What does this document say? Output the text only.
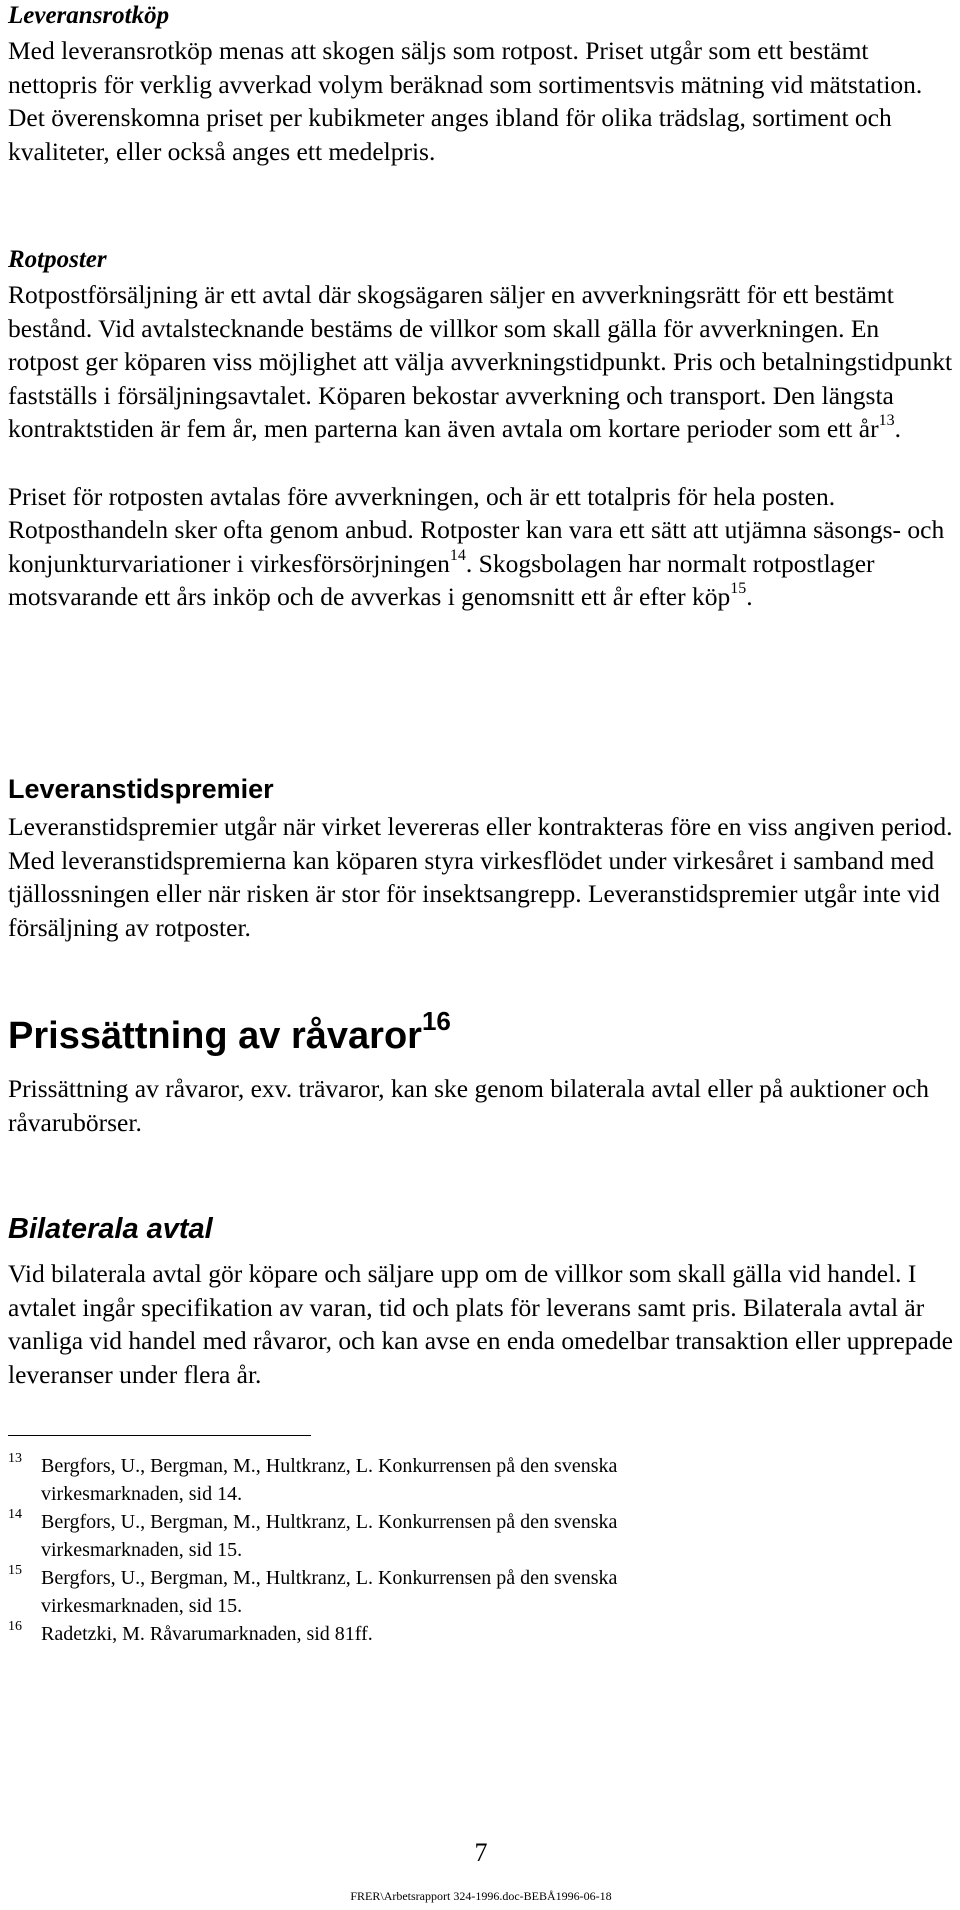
Leveransrotköp

Med leveransrotköp menas att skogen säljs som rotpost. Priset utgår som ett bestämt nettopris för verklig avverkad volym beräknad som sortimentsvis mätning vid mätstation. Det överenskomna priset per kubikmeter anges ibland för olika trädslag, sortiment och kvaliteter, eller också anges ett medelpris.

Rotposter

Rotpostförsäljning är ett avtal där skogsägaren säljer en avverkningsrätt för ett bestämt bestånd. Vid avtalstecknande bestäms de villkor som skall gälla för avverkningen. En rotpost ger köparen viss möjlighet att välja avverkningstidpunkt. Pris och betalningstidpunkt fastställs i försäljningsavtalet. Köparen bekostar avverkning och transport. Den längsta kontraktstiden är fem år, men parterna kan även avtala om kortare perioder som ett $år^{13}$.

Priset för rotposten avtalas före avverkningen, och är ett totalpris för hela posten. Rotposthandeln sker ofta genom anbud. Rotposter kan vara ett sätt att utjämna säsongs- och konjunkturvariationer i virkesförsörjningen$^{14}$. Skogsbolagen har normalt rotpostlager motsvarande ett års inköp och de avverkas i genomsnitt ett år efter köp$^{15}$.

Leveranstidspremier

Leveranstidspremier utgår när virket levereras eller kontrakteras före en viss angiven period. Med leveranstidspremierna kan köparen styra virkesflödet under virkesåret i samband med tjällossningen eller när risken är stor för insektsangrepp. Leveranstidspremier utgår inte vid försäljning av rotposter.

Prissättning av råvaror$^{16}$

Prissättning av råvaror, exv. trävaror, kan ske genom bilaterala avtal eller på auktioner och råvarubörser.

Bilaterala avtal

Vid bilaterala avtal gör köpare och säljare upp om de villkor som skall gälla vid handel. I avtalet ingår specifikation av varan, tid och plats för leverans samt pris. Bilaterala avtal är vanliga vid handel med råvaror, och kan avse en enda omedelbar transaktion eller upprepade leveranser under flera år.

13 Bergfors, U., Bergman, M., Hultkranz, L. Konkurrensen på den svenska
virkesmarknaden, sid 14.
14 Bergfors, U., Bergman, M., Hultkranz, L. Konkurrensen på den svenska
virkesmarknaden, sid 15.
15 Bergfors, U., Bergman, M., Hultkranz, L. Konkurrensen på den svenska
virkesmarknaden, sid 15.
16 Radetzki, M. Råvarumarknaden, sid 81ff.
7
FRER\Arbetsrapport 324-1996.doc-BEBÅ1996-06-18
